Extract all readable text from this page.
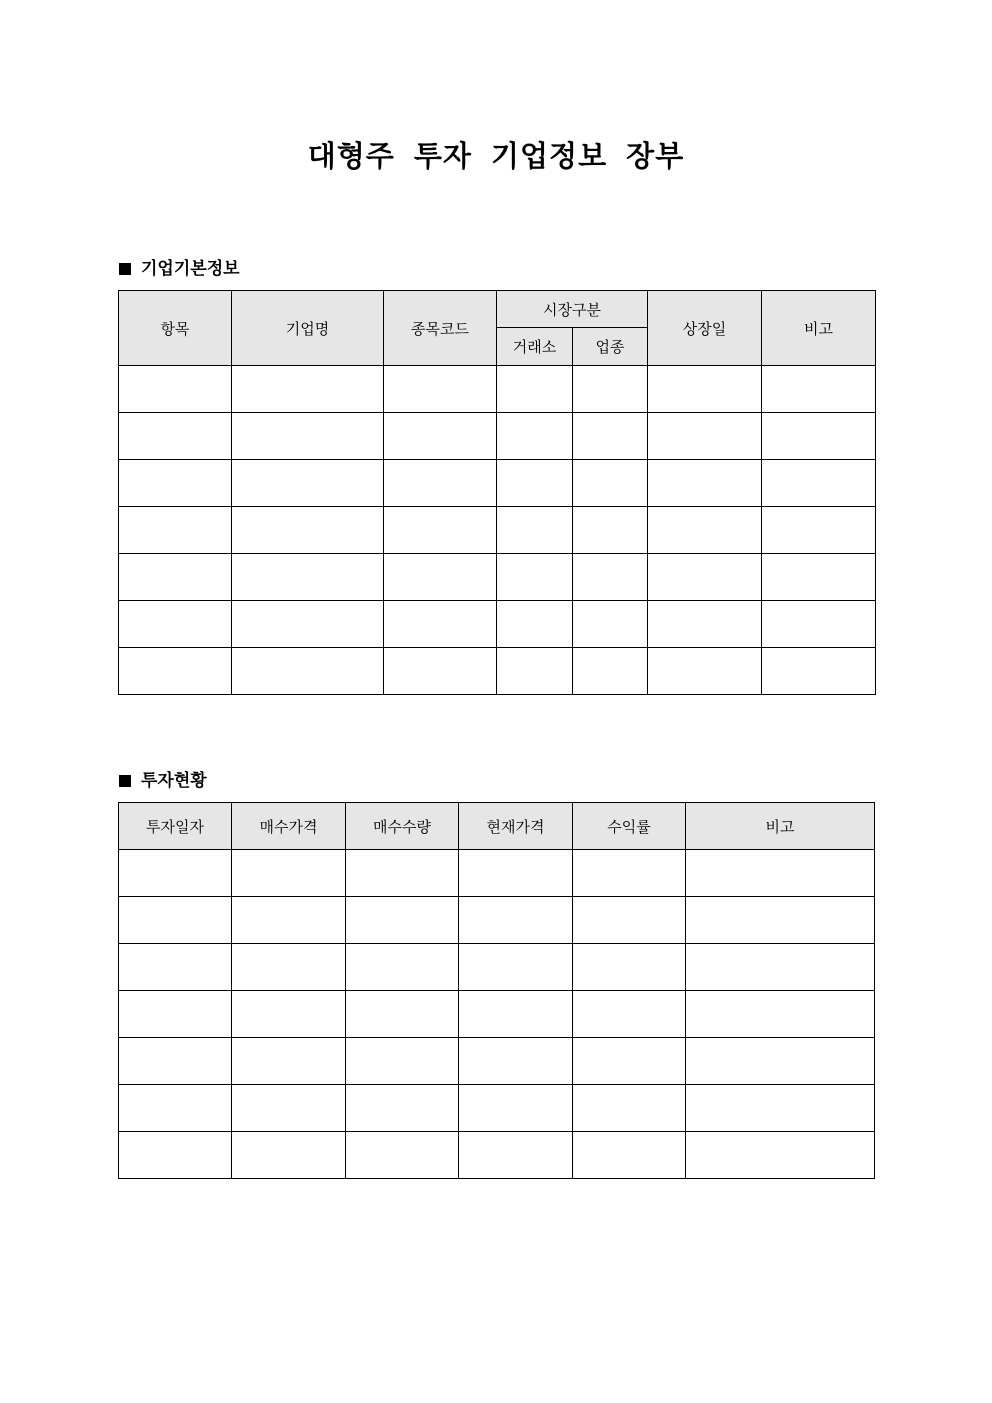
대형주 투자 기업정보 장부
기업기본정보
항목	기업명	종목코드	시장구분		상장일	비고
			거래소	업종		

투자현황
투자일자	매수가격	매수수량	현재가격	수익률	비고
